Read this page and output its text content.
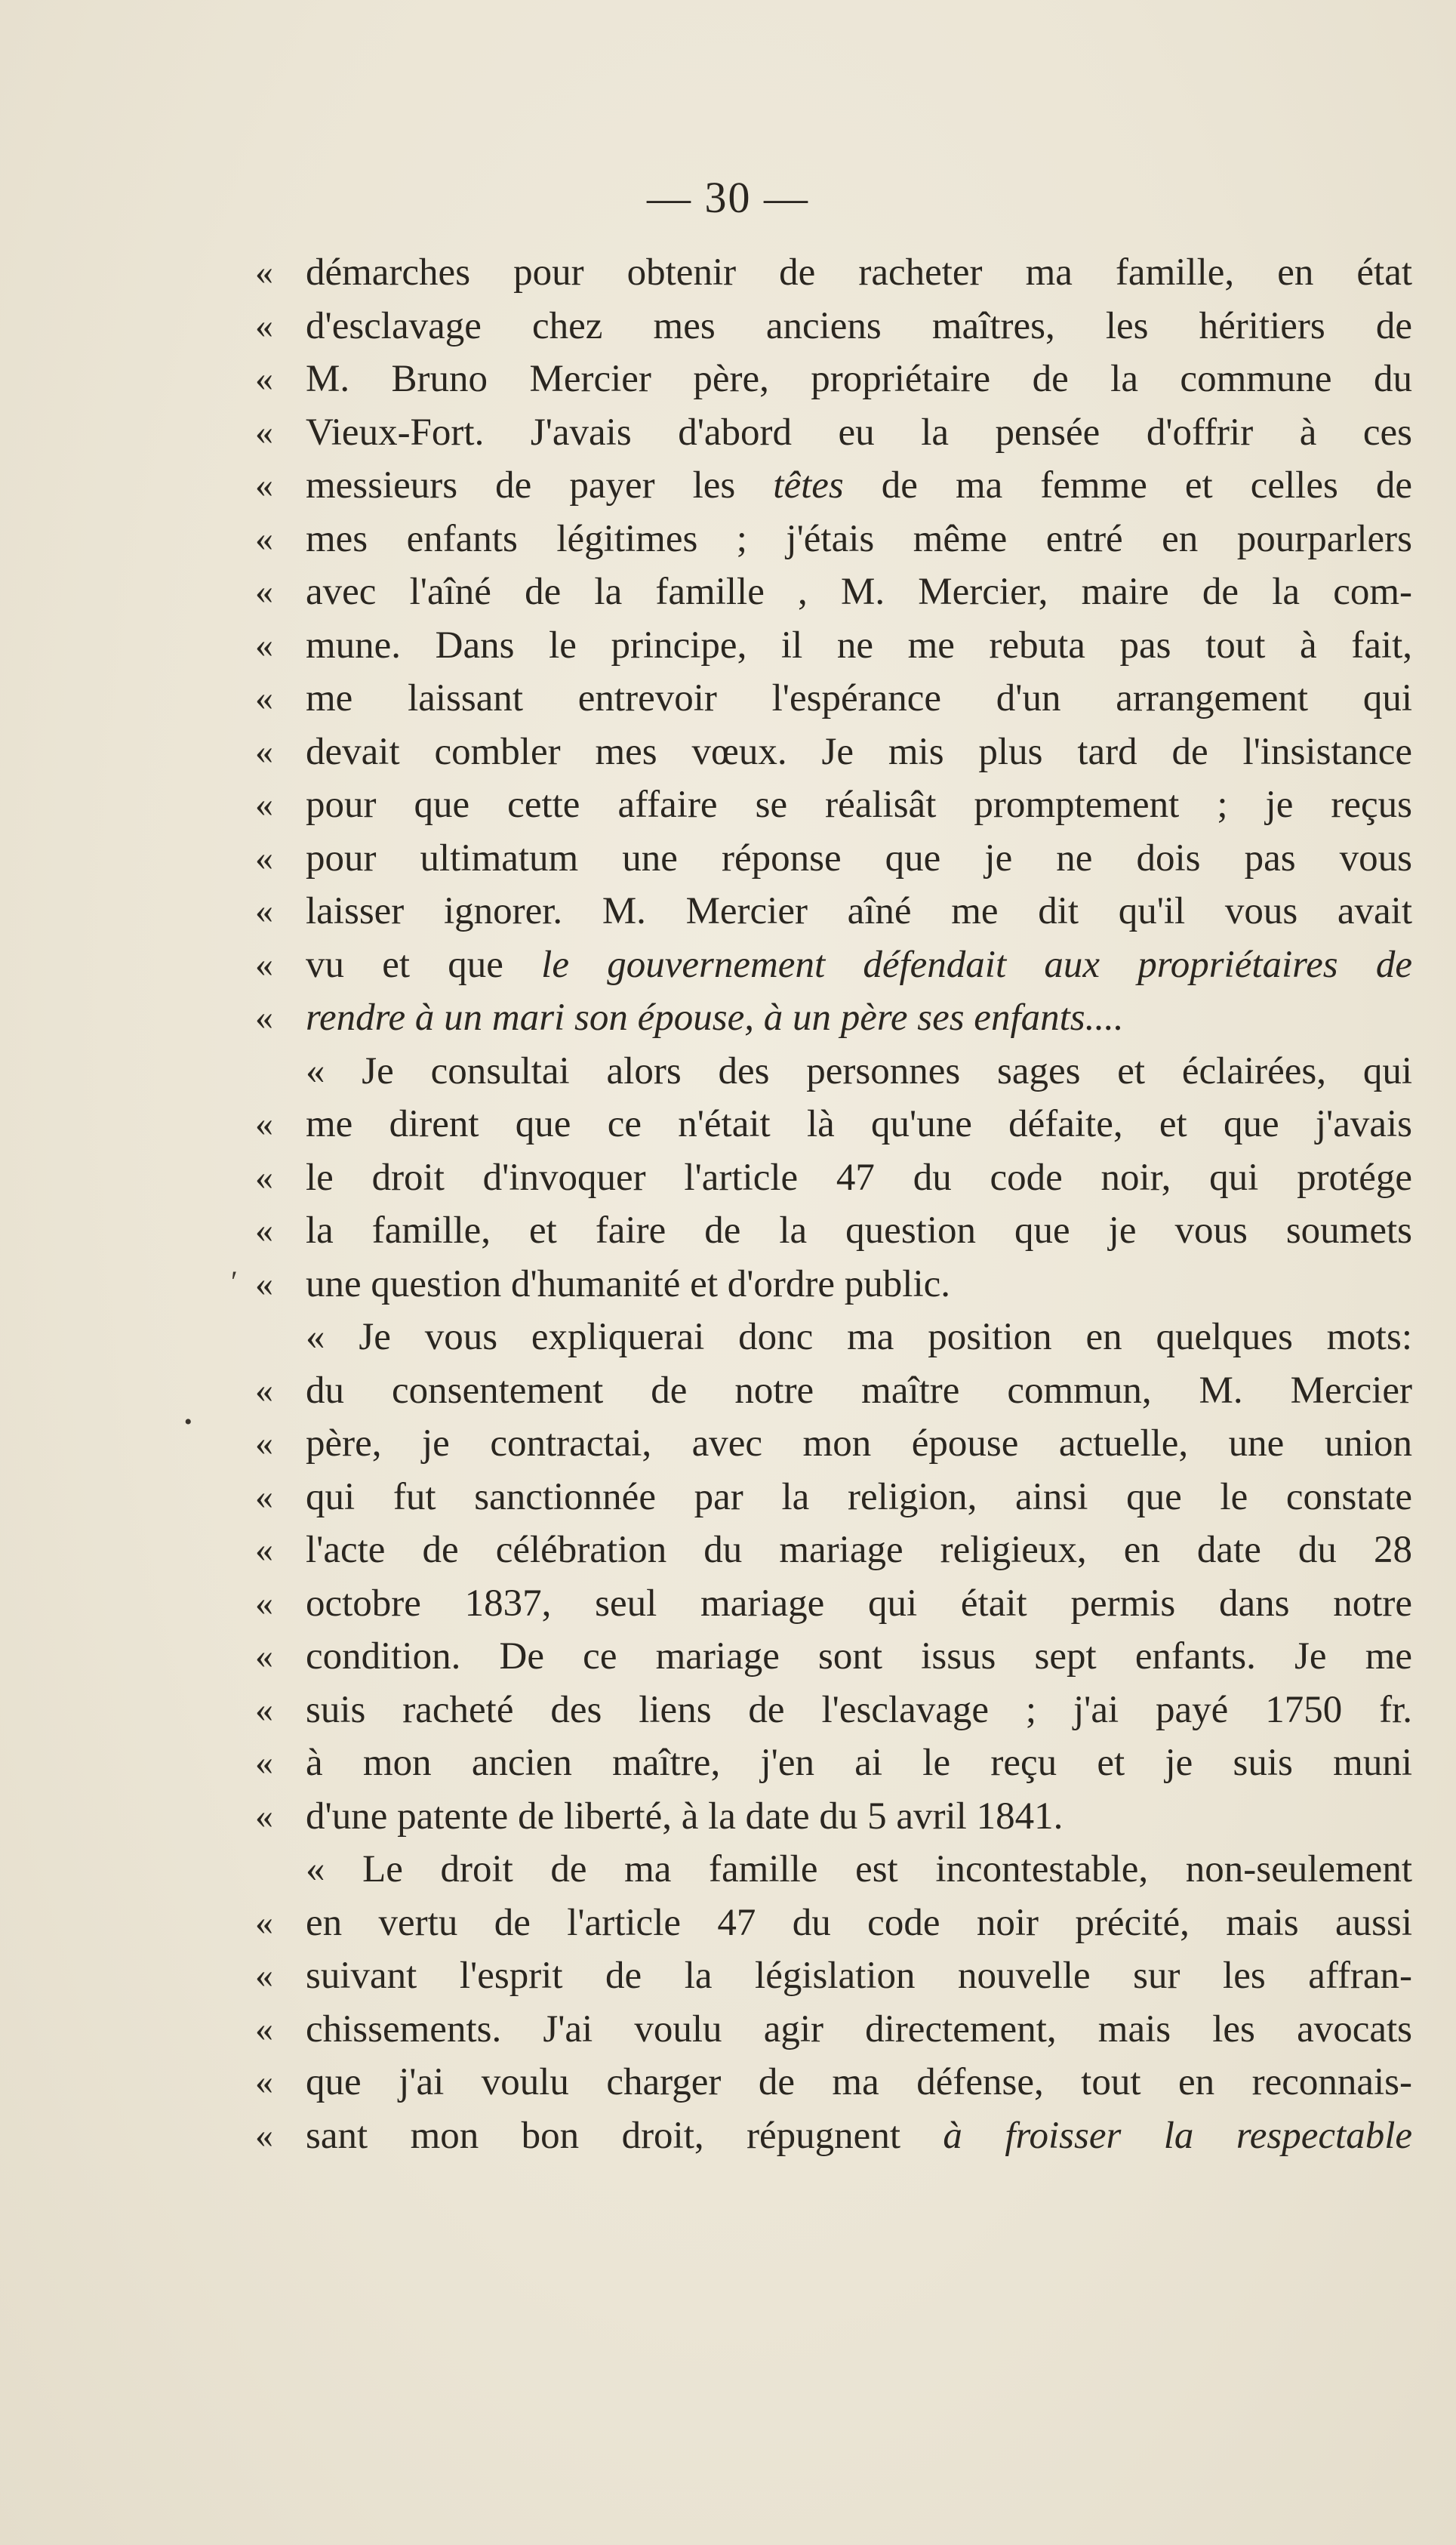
— 30 —
« démarches pour obtenir de racheter ma famille, en état
« d'esclavage chez mes anciens maîtres, les héritiers de
« M. Bruno Mercier père, propriétaire de la commune du
« Vieux-Fort. J'avais d'abord eu la pensée d'offrir à ces
« messieurs de payer les têtes de ma femme et celles de
« mes enfants légitimes ; j'étais même entré en pourparlers
« avec l'aîné de la famille , M. Mercier, maire de la com-
« mune. Dans le principe, il ne me rebuta pas tout à fait,
« me laissant entrevoir l'espérance d'un arrangement qui
« devait combler mes vœux. Je mis plus tard de l'insistance
« pour que cette affaire se réalisât promptement ; je reçus
« pour ultimatum une réponse que je ne dois pas vous
« laisser ignorer. M. Mercier aîné me dit qu'il vous avait
« vu et que le gouvernement défendait aux propriétaires de
« rendre à un mari son épouse, à un père ses enfants....
« Je consultai alors des personnes sages et éclairées, qui
« me dirent que ce n'était là qu'une défaite, et que j'avais
« le droit d'invoquer l'article 47 du code noir, qui protége
« la famille, et faire de la question que je vous soumets
« une question d'humanité et d'ordre public.
« Je vous expliquerai donc ma position en quelques mots:
« du consentement de notre maître commun, M. Mercier
« père, je contractai, avec mon épouse actuelle, une union
« qui fut sanctionnée par la religion, ainsi que le constate
« l'acte de célébration du mariage religieux, en date du 28
« octobre 1837, seul mariage qui était permis dans notre
« condition. De ce mariage sont issus sept enfants. Je me
« suis racheté des liens de l'esclavage ; j'ai payé 1750 fr.
« à mon ancien maître, j'en ai le reçu et je suis muni
« d'une patente de liberté, à la date du 5 avril 1841.
« Le droit de ma famille est incontestable, non-seulement
« en vertu de l'article 47 du code noir précité, mais aussi
« suivant l'esprit de la législation nouvelle sur les affran-
« chissements. J'ai voulu agir directement, mais les avocats
« que j'ai voulu charger de ma défense, tout en reconnais-
« sant mon bon droit, répugnent à froisser la respectable
′
•
